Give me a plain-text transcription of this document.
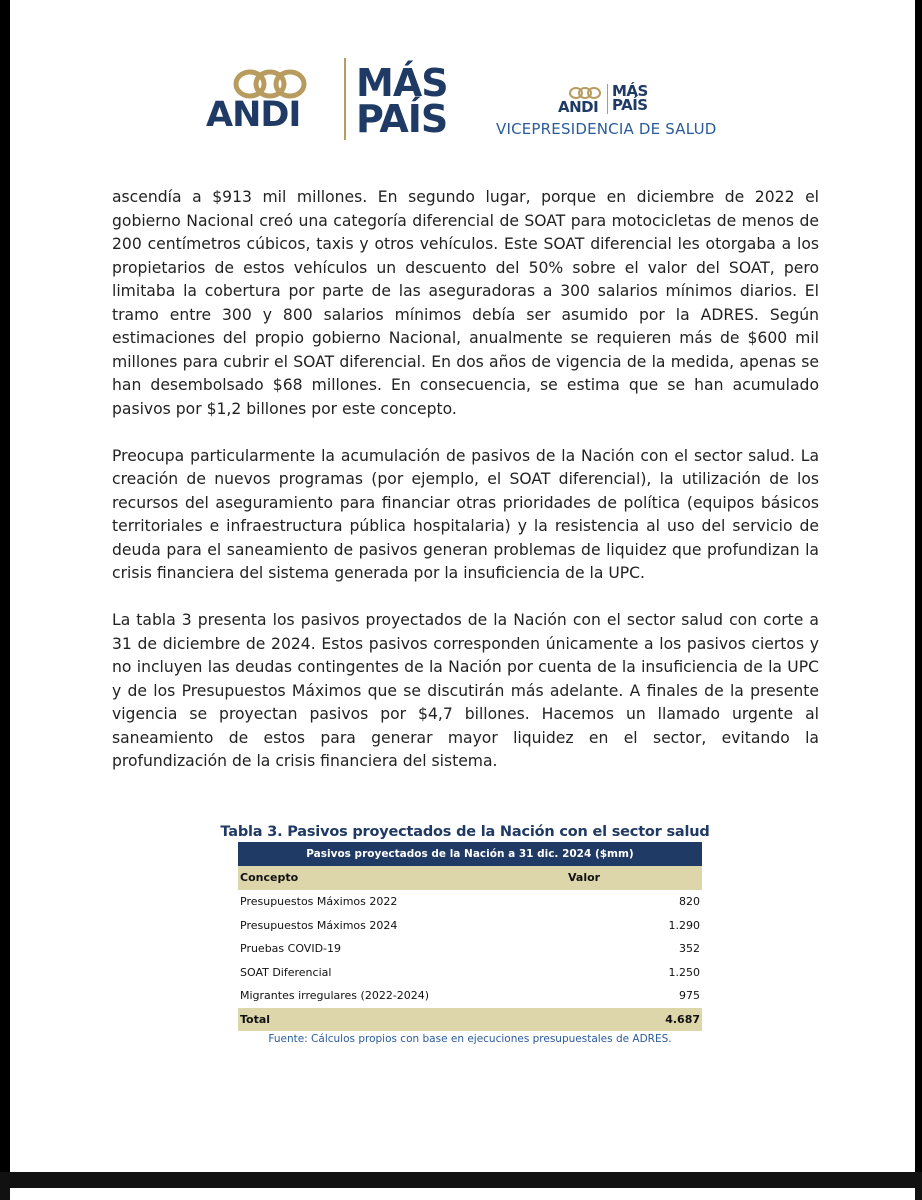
ANDI
MÁS
PAÍS	ANDI
MÁS
PAÍS
VICEPRESIDENCIA DE SALUD

ascendía a $913 mil millones. En segundo lugar, porque en diciembre de 2022 el gobierno Nacional creó una categoría diferencial de SOAT para motocicletas de menos de 200 centímetros cúbicos, taxis y otros vehículos. Este SOAT diferencial les otorgaba a los propietarios de estos vehículos un descuento del 50% sobre el valor del SOAT, pero limitaba la cobertura por parte de las aseguradoras a 300 salarios mínimos diarios. El tramo entre 300 y 800 salarios mínimos debía ser asumido por la ADRES. Según estimaciones del propio gobierno Nacional, anualmente se requieren más de $600 mil millones para cubrir el SOAT diferencial. En dos años de vigencia de la medida, apenas se han desembolsado $68 millones. En consecuencia, se estima que se han acumulado pasivos por $1,2 billones por este concepto.

Preocupa particularmente la acumulación de pasivos de la Nación con el sector salud. La creación de nuevos programas (por ejemplo, el SOAT diferencial), la utilización de los recursos del aseguramiento para financiar otras prioridades de política (equipos básicos territoriales e infraestructura pública hospitalaria) y la resistencia al uso del servicio de deuda para el saneamiento de pasivos generan problemas de liquidez que profundizan la crisis financiera del sistema generada por la insuficiencia de la UPC.

La tabla 3 presenta los pasivos proyectados de la Nación con el sector salud con corte a 31 de diciembre de 2024. Estos pasivos corresponden únicamente a los pasivos ciertos y no incluyen las deudas contingentes de la Nación por cuenta de la insuficiencia de la UPC y de los Presupuestos Máximos que se discutirán más adelante. A finales de la presente vigencia se proyectan pasivos por $4,7 billones. Hacemos un llamado urgente al saneamiento de estos para generar mayor liquidez en el sector, evitando la profundización de la crisis financiera del sistema.

Tabla 3. Pasivos proyectados de la Nación con el sector salud
Pasivos proyectados de la Nación a 31 dic. 2024 ($mm)
Concepto	Valor
Presupuestos Máximos 2022	820
Presupuestos Máximos 2024	1.290
Pruebas COVID-19	352
SOAT Diferencial	1.250
Migrantes irregulares (2022-2024)	975
Total	4.687
Fuente: Cálculos propios con base en ejecuciones presupuestales de ADRES.
